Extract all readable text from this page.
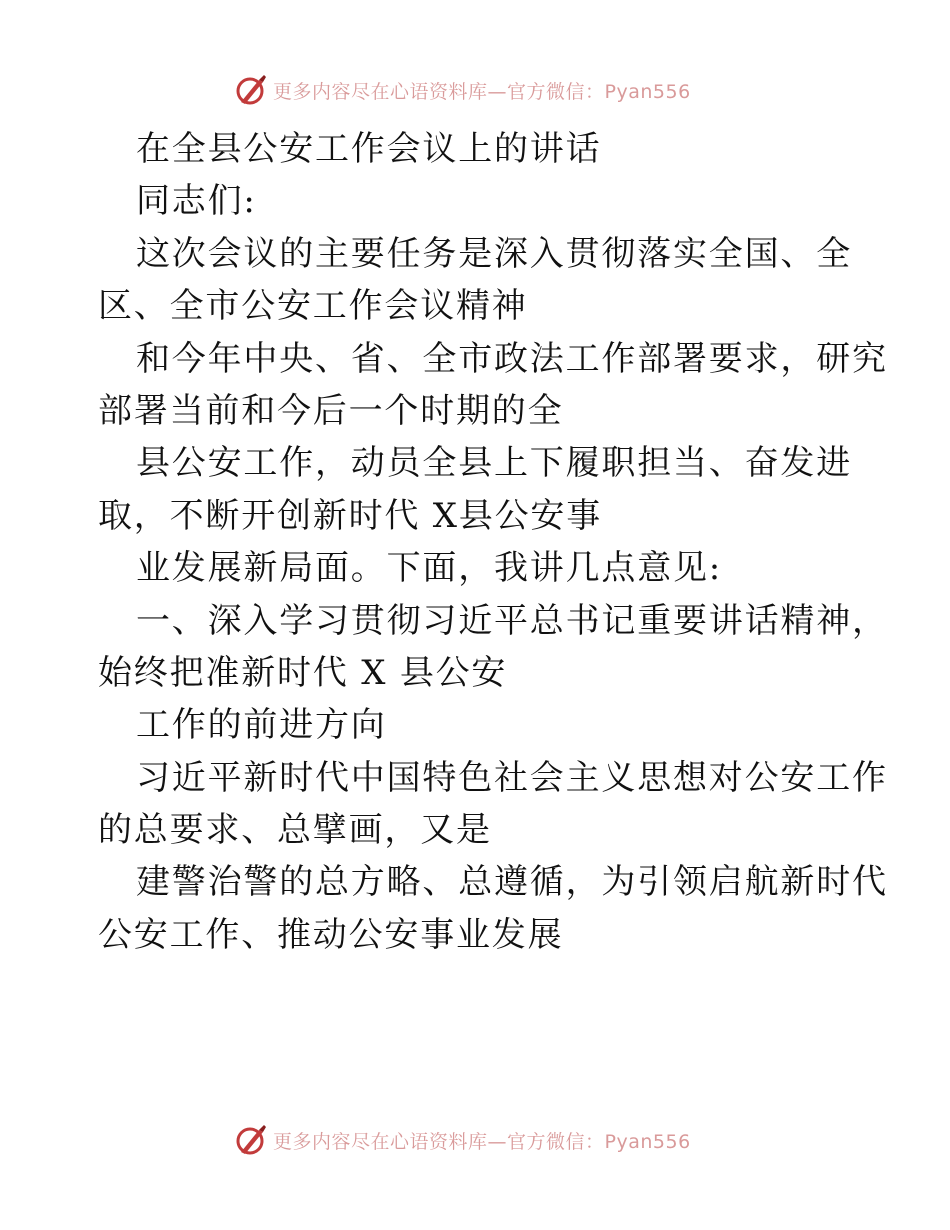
更多内容尽在心语资料库—官方微信：Pyan556
在全县公安工作会议上的讲话
同志们:
这次会议的主要任务是深入贯彻落实全国、全
区、全市公安工作会议精神
和今年中央、省、全市政法工作部署要求，研究
部署当前和今后一个时期的全
县公安工作，动员全县上下履职担当、奋发进
取，不断开创新时代 X县公安事
业发展新局面。下面，我讲几点意见:
一、深入学习贯彻习近平总书记重要讲话精神，
始终把准新时代 X 县公安
工作的前进方向
习近平新时代中国特色社会主义思想对公安工作
的总要求、总擘画，又是
建警治警的总方略、总遵循，为引领启航新时代
公安工作、推动公安事业发展
更多内容尽在心语资料库—官方微信：Pyan556
